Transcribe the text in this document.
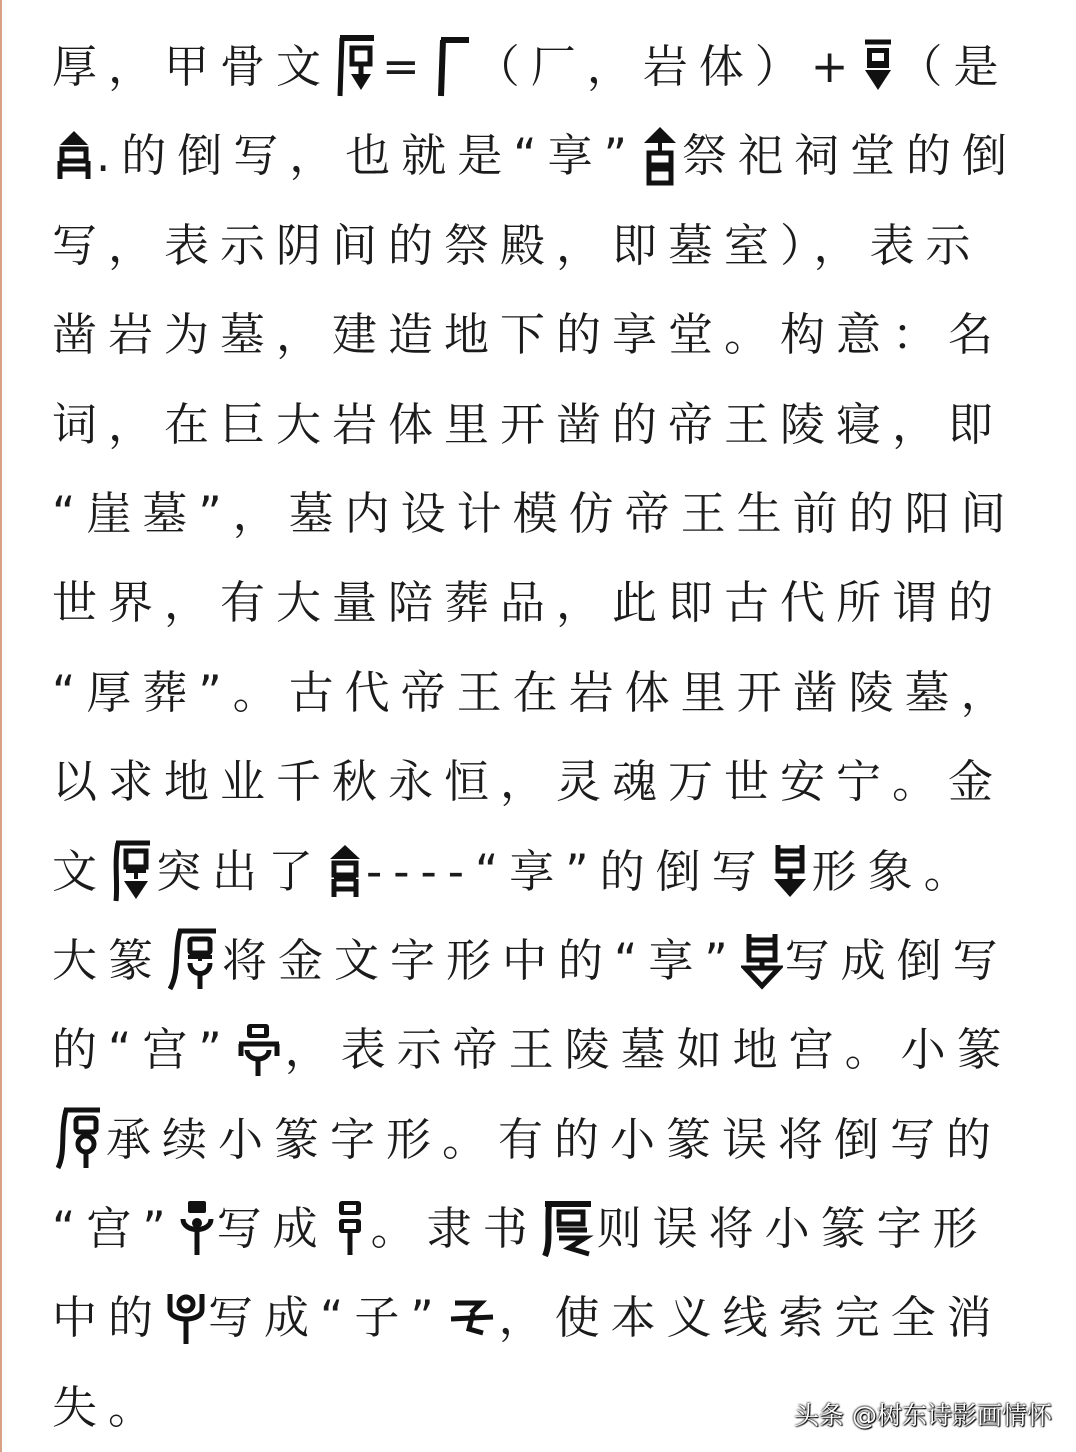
厚，甲骨文 = （厂，岩体）+ （是
.的倒写，也就是“享” 祭祀祠堂的倒
写，表示阴间的祭殿，即墓室），表示
凿岩为墓，建造地下的享堂。构意：名
词，在巨大岩体里开凿的帝王陵寝，即
“崖墓”，墓内设计模仿帝王生前的阳间
世界，有大量陪葬品，此即古代所谓的
“厚葬”。古代帝王在岩体里开凿陵墓，
以求地业千秋永恒，灵魂万世安宁。金
文 突出了 ----“享”的倒写 形象。
大篆 将金文字形中的“享” 写成倒写
的“宫” ，表示帝王陵墓如地宫。小篆
承续小篆字形。有的小篆误将倒写的
“宫” 写成 。隶书 则误将小篆字形
中的 写成“子” ，使本义线索完全消
失。	头条 @树东诗影画情怀
